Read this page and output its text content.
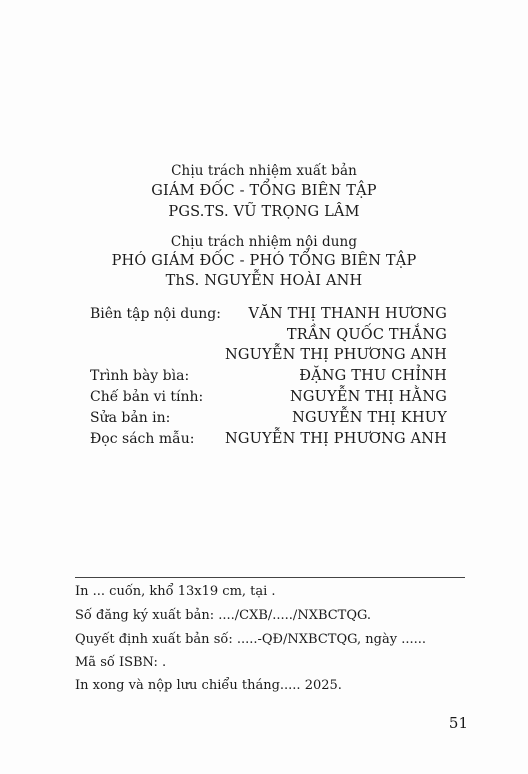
Chịu trách nhiệm xuất bản
GIÁM ĐỐC - TỔNG BIÊN TẬP
PGS.TS. VŨ TRỌNG LÂM
Chịu trách nhiệm nội dung
PHÓ GIÁM ĐỐC - PHÓ TỔNG BIÊN TẬP
ThS. NGUYỄN HOÀI ANH
Biên tập nội dung: VĂN THỊ THANH HƯƠNG
TRẦN QUỐC THẮNG
NGUYỄN THỊ PHƯƠNG ANH
Trình bày bìa:	ĐẶNG THU CHỈNH
Chế bản vi tính:	NGUYỄN THỊ HẰNG
Sửa bản in:	NGUYỄN THỊ KHUY
Đọc sách mẫu: NGUYỄN THỊ PHƯƠNG ANH
In ... cuốn, khổ 13x19 cm, tại .
Số đăng ký xuất bản: ..../CXB/...../NXBCTQG.
Quyết định xuất bản số: .....-QĐ/NXBCTQG, ngày ......
Mã số ISBN: .
In xong và nộp lưu chiểu tháng..... 2025.
51
